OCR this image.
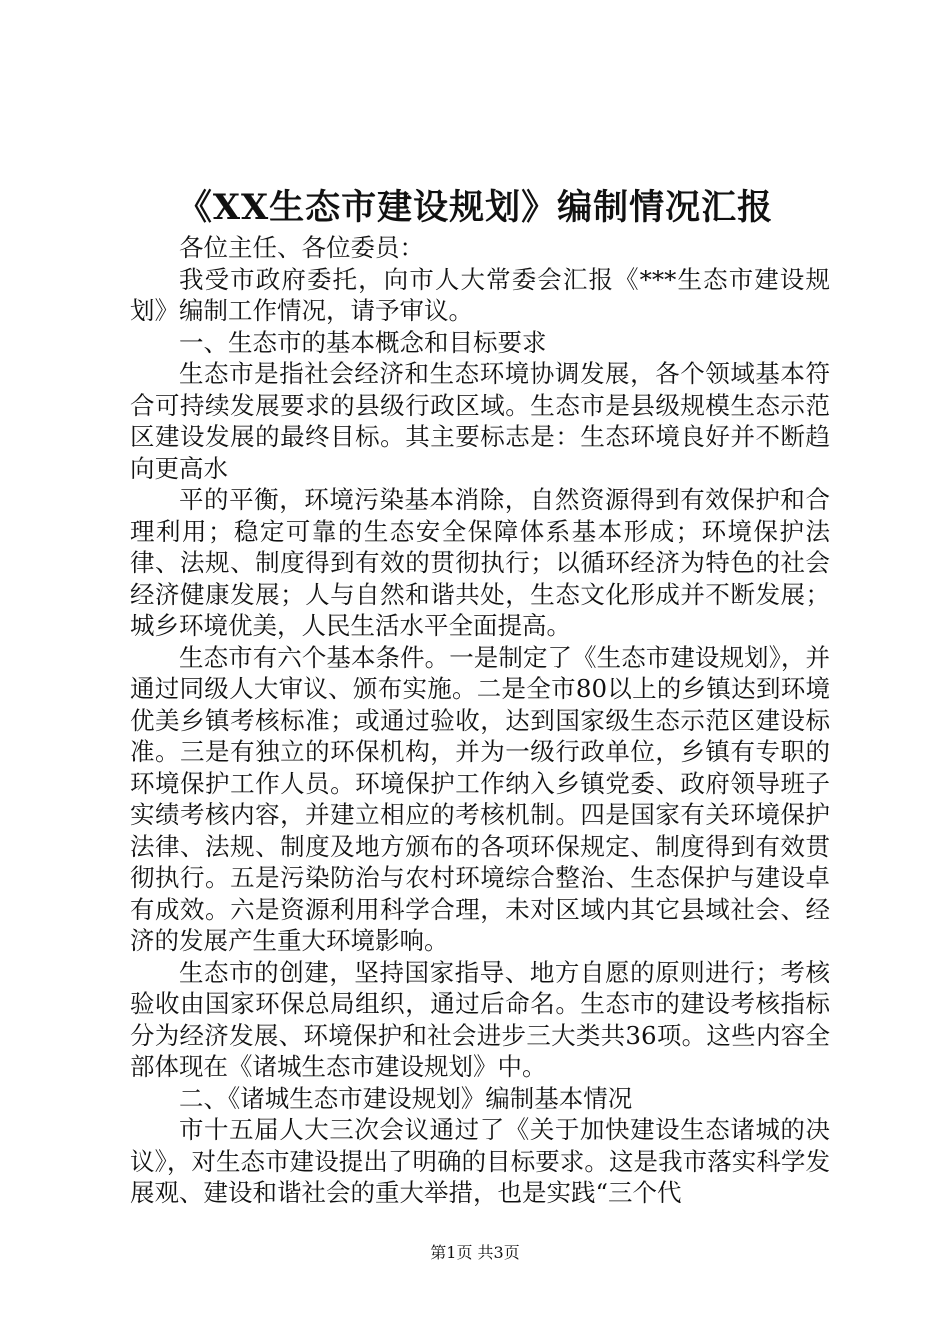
《XX生态市建设规划》编制情况汇报

各位主任、各位委员：

我受市政府委托，向市人大常委会汇报《***生态市建设规划》编制工作情况，请予审议。

一、生态市的基本概念和目标要求

生态市是指社会经济和生态环境协调发展，各个领域基本符合可持续发展要求的县级行政区域。生态市是县级规模生态示范区建设发展的最终目标。其主要标志是：生态环境良好并不断趋向更高水

平的平衡，环境污染基本消除，自然资源得到有效保护和合理利用；稳定可靠的生态安全保障体系基本形成；环境保护法律、法规、制度得到有效的贯彻执行；以循环经济为特色的社会经济健康发展；人与自然和谐共处，生态文化形成并不断发展；城乡环境优美，人民生活水平全面提高。

生态市有六个基本条件。一是制定了《生态市建设规划》，并通过同级人大审议、颁布实施。二是全市80以上的乡镇达到环境优美乡镇考核标准；或通过验收，达到国家级生态示范区建设标准。三是有独立的环保机构，并为一级行政单位，乡镇有专职的环境保护工作人员。环境保护工作纳入乡镇党委、政府领导班子实绩考核内容，并建立相应的考核机制。四是国家有关环境保护法律、法规、制度及地方颁布的各项环保规定、制度得到有效贯彻执行。五是污染防治与农村环境综合整治、生态保护与建设卓有成效。六是资源利用科学合理，未对区域内其它县域社会、经济的发展产生重大环境影响。

生态市的创建，坚持国家指导、地方自愿的原则进行；考核验收由国家环保总局组织，通过后命名。生态市的建设考核指标分为经济发展、环境保护和社会进步三大类共36项。这些内容全部体现在《诸城生态市建设规划》中。

二、《诸城生态市建设规划》编制基本情况

市十五届人大三次会议通过了《关于加快建设生态诸城的决议》，对生态市建设提出了明确的目标要求。这是我市落实科学发展观、建设和谐社会的重大举措，也是实践“三个代

第1页 共3页
